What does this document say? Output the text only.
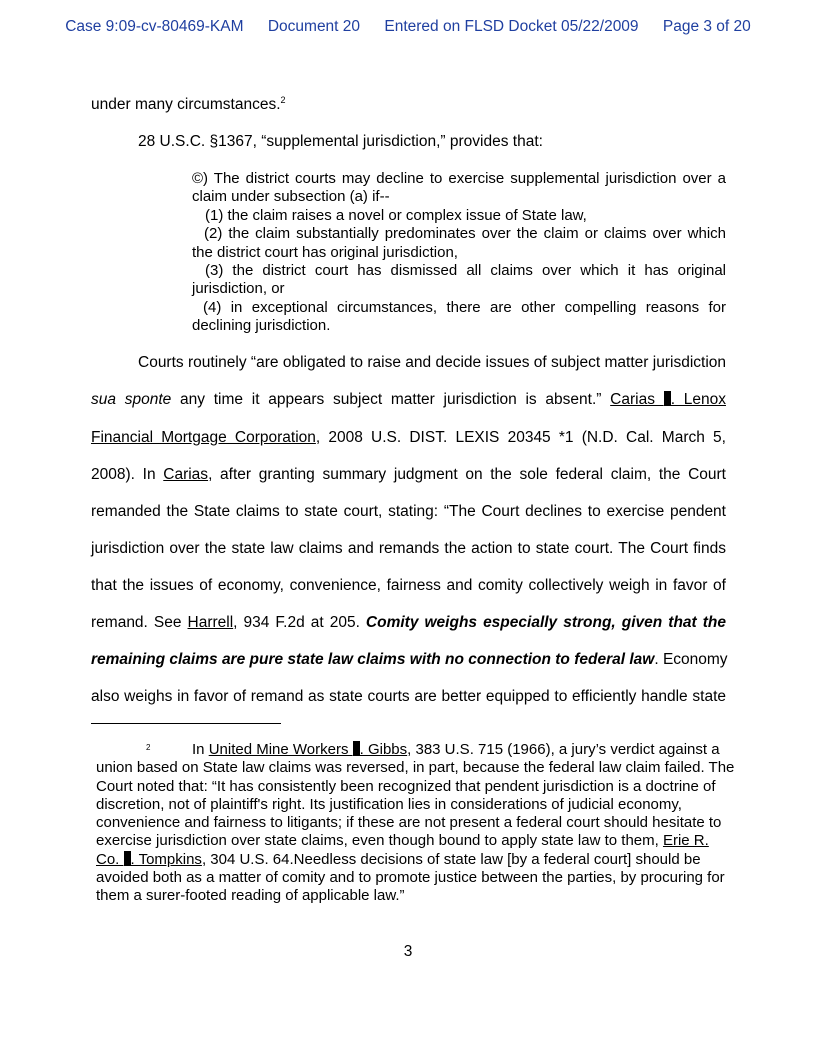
Case 9:09-cv-80469-KAM Document 20 Entered on FLSD Docket 05/22/2009 Page 3 of 20
under many circumstances.$^2$
28 U.S.C. §1367, “supplemental jurisdiction,” provides that:
©) The district courts may decline to exercise supplemental jurisdiction over a claim under subsection (a) if--
(1) the claim raises a novel or complex issue of State law,
(2) the claim substantially predominates over the claim or claims over which
the district court has original jurisdiction,
(3) the district court has dismissed all claims over which it has original
jurisdiction, or
(4) in exceptional circumstances, there are other compelling reasons for
declining jurisdiction.
Courts routinely “are obligated to raise and decide issues of subject matter jurisdiction
sua sponte any time it appears subject matter jurisdiction is absent.” Carias . Lenox
Financial Mortgage Corporation, 2008 U.S. DIST. LEXIS 20345 *1 (N.D. Cal. March 5,
2008). In Carias, after granting summary judgment on the sole federal claim, the Court
remanded the State claims to state court, stating: “The Court declines to exercise pendent
jurisdiction over the state law claims and remands the action to state court. The Court finds
that the issues of economy, convenience, fairness and comity collectively weigh in favor of
remand. See Harrell, 934 F.2d at 205. Comity weighs especially strong, given that the
remaining claims are pure state law claims with no connection to federal law. Economy
also weighs in favor of remand as state courts are better equipped to efficiently handle state
2	In United Mine Workers . Gibbs, 383 U.S. 715 (1966), a jury’s verdict against a union based on State law claims was reversed, in part, because the federal law claim failed. The Court noted that: “It has consistently been recognized that pendent jurisdiction is a doctrine of discretion, not of plaintiff's right. Its justification lies in considerations of judicial economy, convenience and fairness to litigants; if these are not present a federal court should hesitate to exercise jurisdiction over state claims, even though bound to apply state law to them, Erie R. Co. . Tompkins, 304 U.S. 64.Needless decisions of state law [by a federal court] should be avoided both as a matter of comity and to promote justice between the parties, by procuring for them a surer-footed reading of applicable law.”
3
